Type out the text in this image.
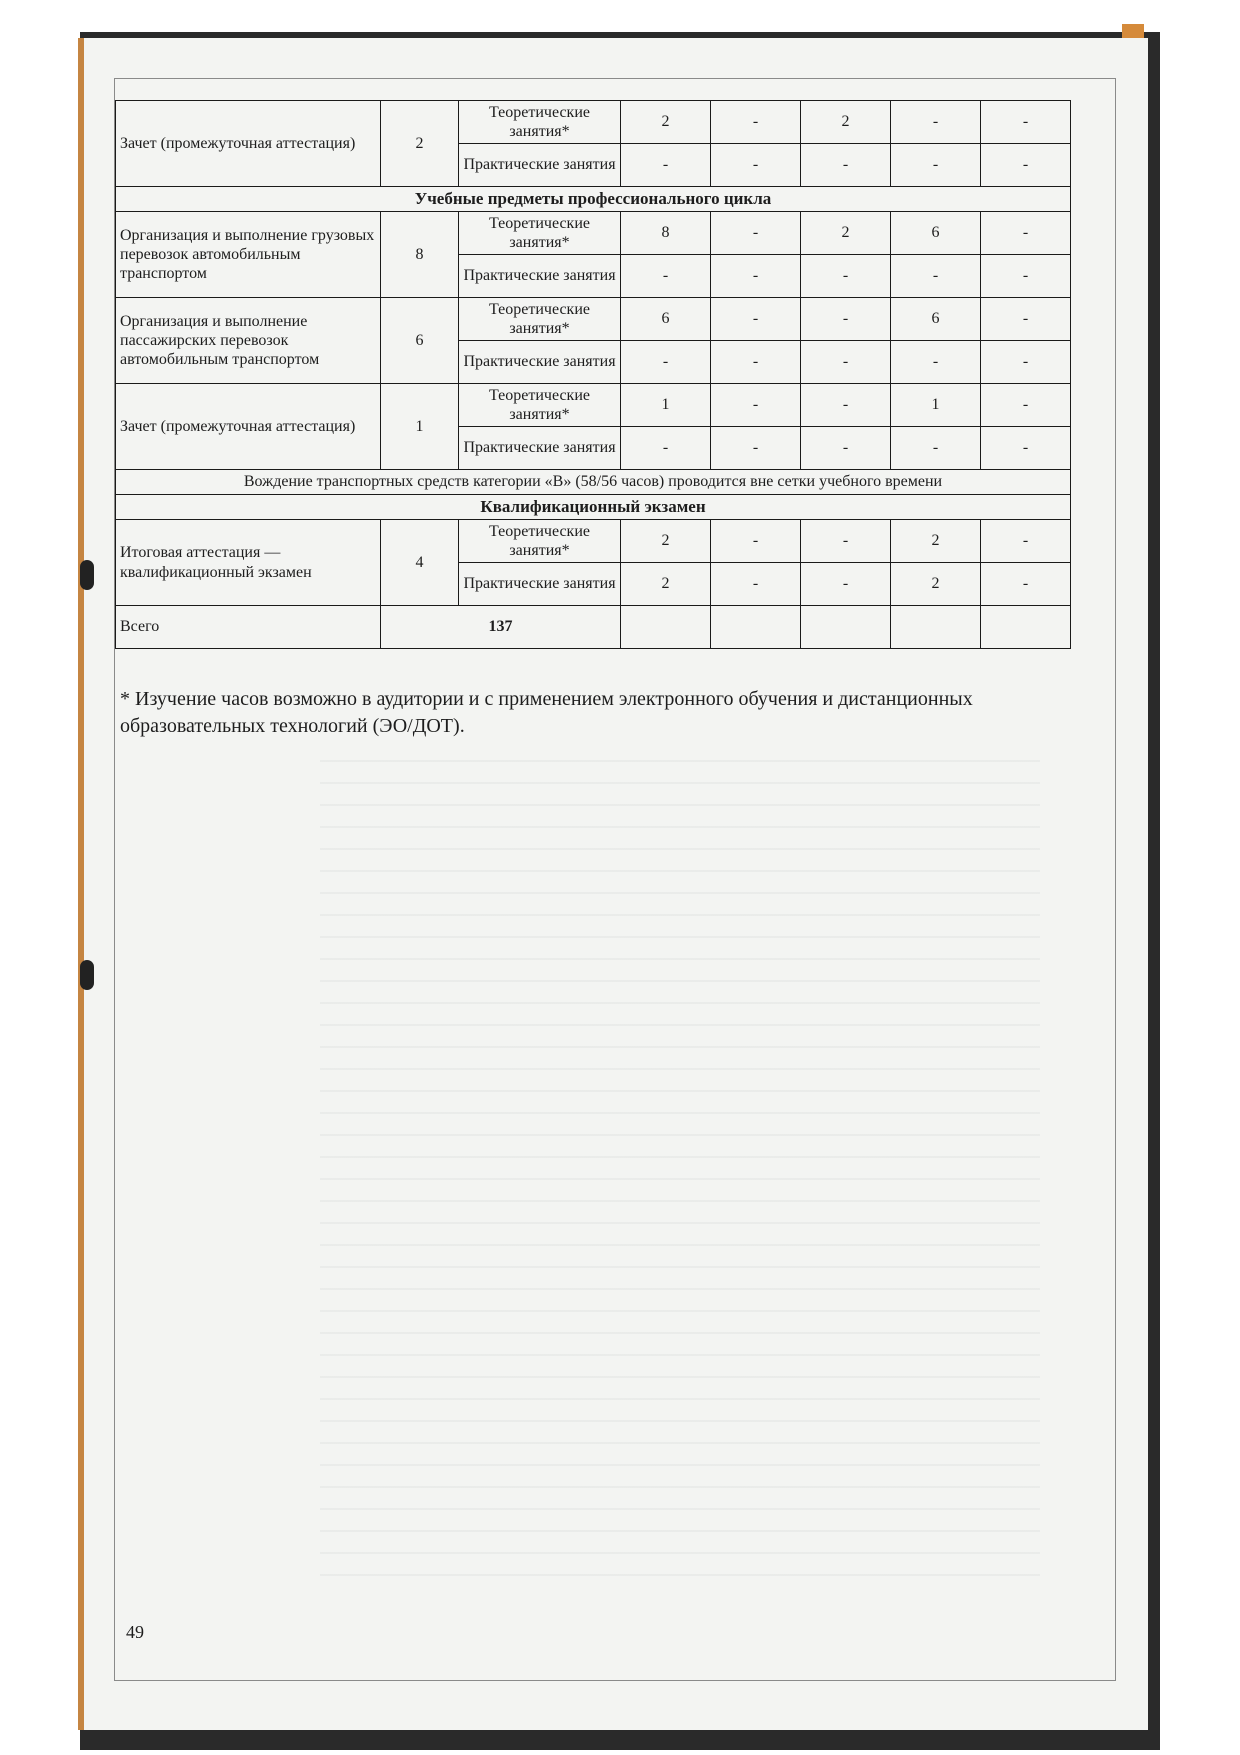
Зачет (промежуточная аттестация)	2	Теоретические занятия*	2	-	2	-	-
		Практические занятия	-	-	-	-	-
Учебные предметы профессионального цикла							
Организация и выполнение грузовых перевозок автомобильным транспортом	8	Теоретические занятия*	8	-	2	6	-
		Практические занятия	-	-	-	-	-
Организация и выполнение пассажирских перевозок автомобильным транспортом	6	Теоретические занятия*	6	-	-	6	-
		Практические занятия	-	-	-	-	-
Зачет (промежуточная аттестация)	1	Теоретические занятия*	1	-	-	1	-
		Практические занятия	-	-	-	-	-
Вождение транспортных средств категории «В» (58/56 часов) проводится вне сетки учебного времени							
Квалификационный экзамен							
Итоговая аттестация — квалификационный экзамен	4	Теоретические занятия*	2	-	-	2	-
		Практические занятия	2	-	-	2	-
Всего	137						
* Изучение часов возможно в аудитории и с применением электронного обучения и дистанционных образовательных технологий (ЭО/ДОТ).
49
